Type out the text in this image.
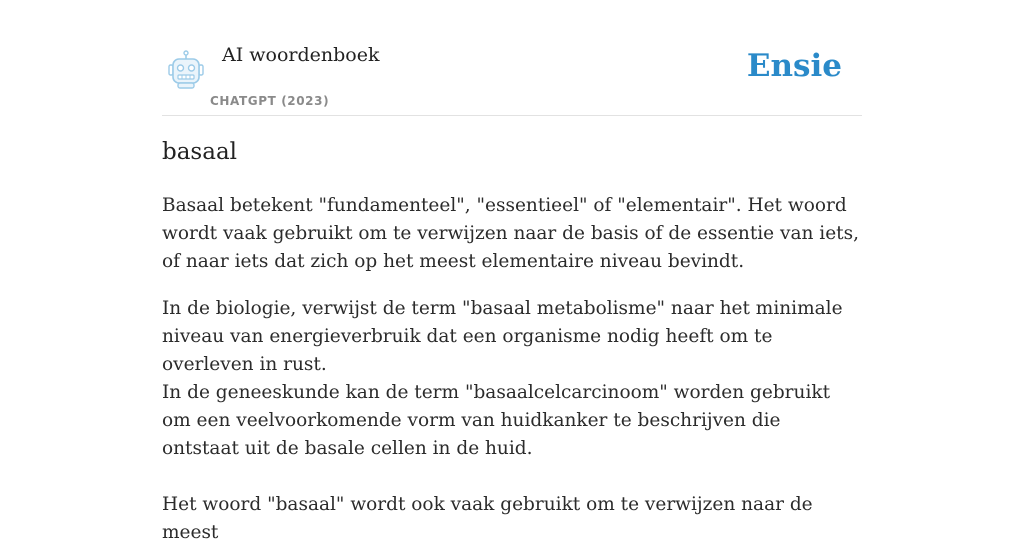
AI woordenboek
CHATGPT (2023)
Ensie
basaal

Basaal betekent "fundamenteel", "essentieel" of "elementair". Het woord wordt vaak gebruikt om te verwijzen naar de basis of de essentie van iets, of naar iets dat zich op het meest elementaire niveau bevindt.

In de biologie, verwijst de term "basaal metabolisme" naar het minimale niveau van energieverbruik dat een organisme nodig heeft om te overleven in rust.

In de geneeskunde kan de term "basaalcelcarcinoom" worden gebruikt om een veelvoorkomende vorm van huidkanker te beschrijven die ontstaat uit de basale cellen in de huid.

Het woord "basaal" wordt ook vaak gebruikt om te verwijzen naar de meest
